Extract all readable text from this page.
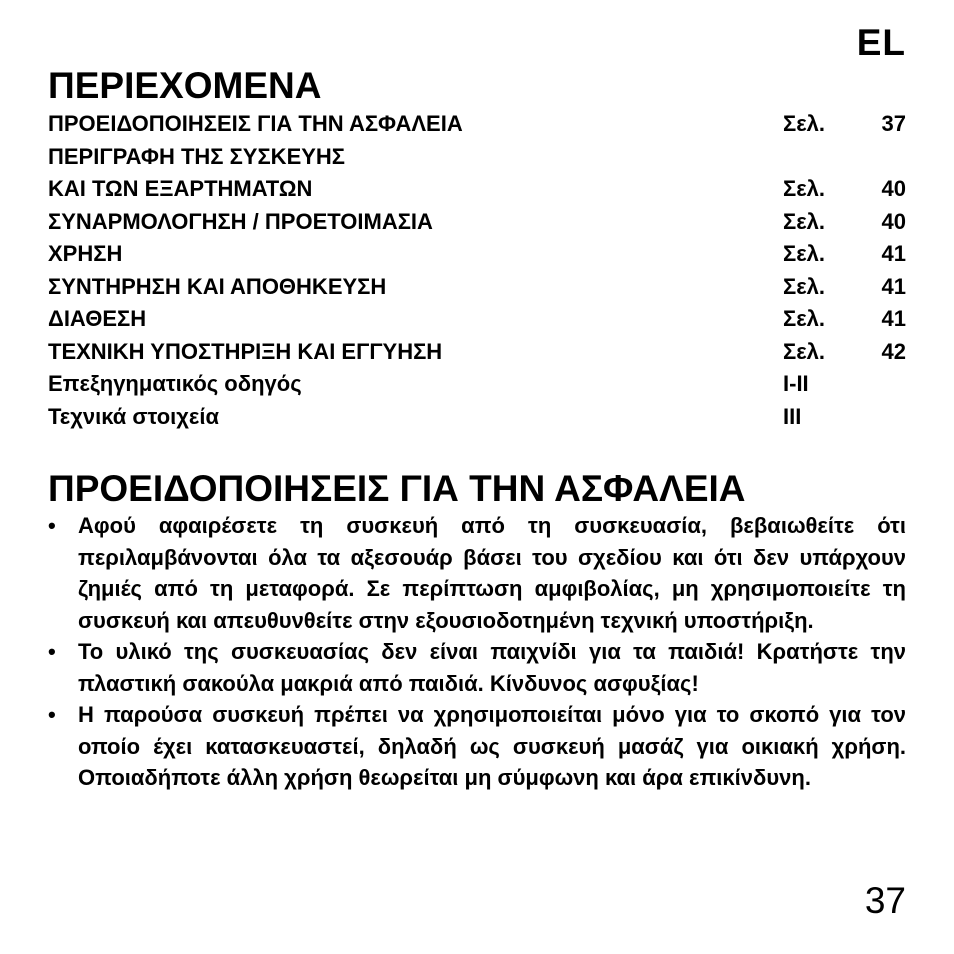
EL
ΠΕΡΙΕΧΟΜΕΝΑ
ΠΡΟΕΙΔΟΠΟΙΗΣΕΙΣ ΓΙΑ ΤΗΝ ΑΣΦΑΛΕΙΑ	Σελ.	37
ΠΕΡΙΓΡΑΦΗ ΤΗΣ ΣΥΣΚΕΥΗΣ
ΚΑΙ ΤΩΝ ΕΞΑΡΤΗΜΑΤΩΝ	Σελ.	40
ΣΥΝΑΡΜΟΛΟΓΗΣΗ / ΠΡΟΕΤΟΙΜΑΣΙΑ	Σελ.	40
ΧΡΗΣΗ	Σελ.	41
ΣΥΝΤΗΡΗΣΗ ΚΑΙ ΑΠΟΘΗΚΕΥΣΗ	Σελ.	41
ΔΙΑΘΕΣΗ	Σελ.	41
ΤΕΧΝΙΚΗ ΥΠΟΣΤΗΡΙΞΗ ΚΑΙ ΕΓΓΥΗΣΗ	Σελ.	42
Επεξηγηματικός οδηγός	I-II
Τεχνικά στοιχεία	III
ΠΡΟΕΙΔΟΠΟΙΗΣΕΙΣ ΓΙΑ ΤΗΝ ΑΣΦΑΛΕΙΑ
• Αφού αφαιρέσετε τη συσκευή από τη συσκευασία, βεβαιωθείτε ότι περιλαμβάνονται όλα τα αξεσουάρ βάσει του σχεδίου και ότι δεν υπάρχουν ζημιές από τη μεταφορά. Σε περίπτωση αμφιβολίας, μη χρησιμοποιείτε τη συσκευή και απευθυνθείτε στην εξουσιοδοτημένη τεχνική υποστήριξη.
• Το υλικό της συσκευασίας δεν είναι παιχνίδι για τα παιδιά! Κρατήστε την πλαστική σακούλα μακριά από παιδιά. Κίνδυνος ασφυξίας!
• Η παρούσα συσκευή πρέπει να χρησιμοποιείται μόνο για το σκοπό για τον οποίο έχει κατασκευαστεί, δηλαδή ως συσκευή μασάζ για οικιακή χρήση. Οποιαδήποτε άλλη χρήση θεωρείται μη σύμφωνη και άρα επικίνδυνη.
37
